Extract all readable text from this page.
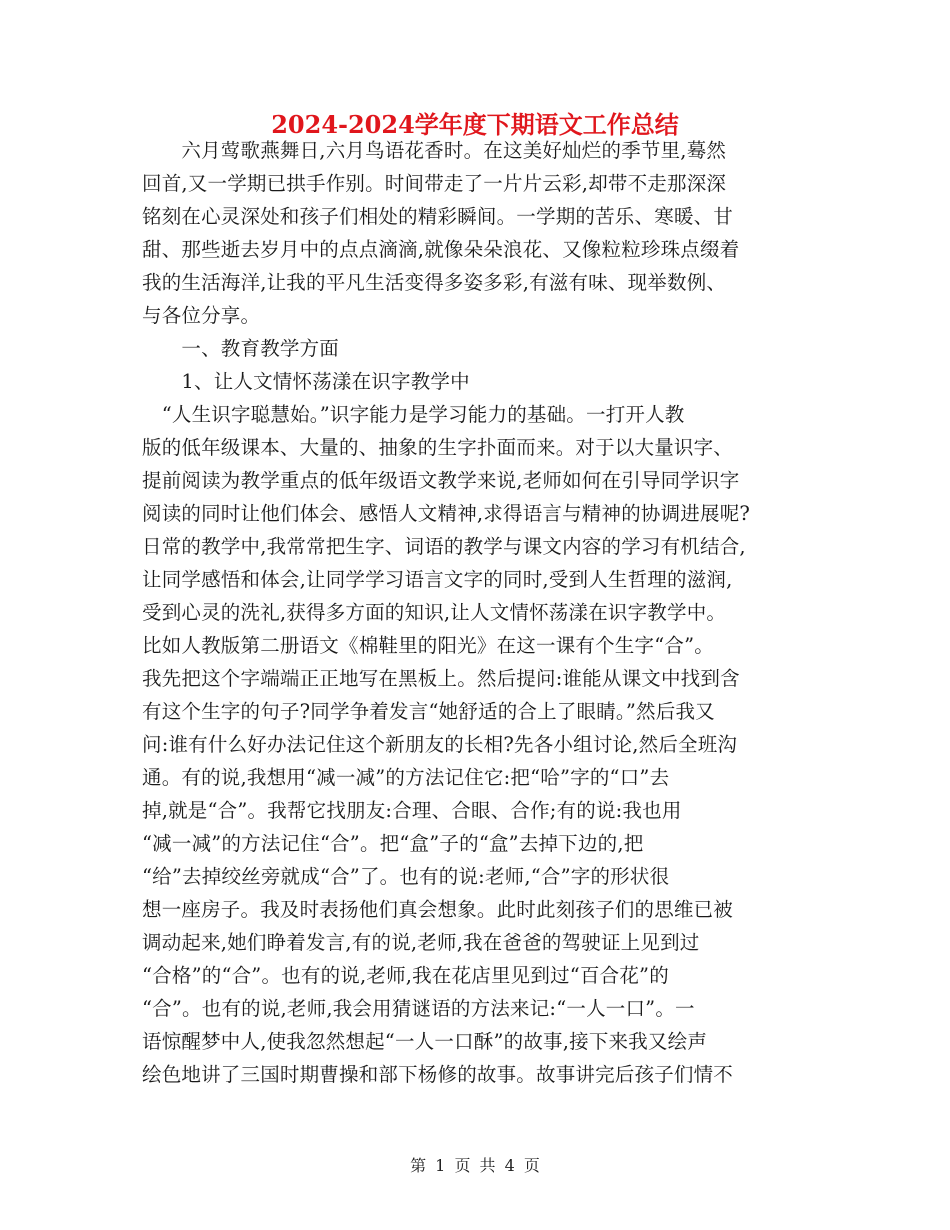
2024-2024学年度下期语文工作总结
　　六月莺歌燕舞日,六月鸟语花香时。在这美好灿烂的季节里,蓦然
回首,又一学期已拱手作别。时间带走了一片片云彩,却带不走那深深
铭刻在心灵深处和孩子们相处的精彩瞬间。一学期的苦乐、寒暖、甘
甜、那些逝去岁月中的点点滴滴,就像朵朵浪花、又像粒粒珍珠点缀着
我的生活海洋,让我的平凡生活变得多姿多彩,有滋有味、现举数例、
与各位分享。
　　一、教育教学方面
　　1、让人文情怀荡漾在识字教学中
　“人生识字聪慧始。”识字能力是学习能力的基础。一打开人教
版的低年级课本、大量的、抽象的生字扑面而来。对于以大量识字、
提前阅读为教学重点的低年级语文教学来说,老师如何在引导同学识字
阅读的同时让他们体会、感悟人文精神,求得语言与精神的协调进展呢?
日常的教学中,我常常把生字、词语的教学与课文内容的学习有机结合,
让同学感悟和体会,让同学学习语言文字的同时,受到人生哲理的滋润,
受到心灵的洗礼,获得多方面的知识,让人文情怀荡漾在识字教学中。
比如人教版第二册语文《棉鞋里的阳光》在这一课有个生字“合”。
我先把这个字端端正正地写在黑板上。然后提问:谁能从课文中找到含
有这个生字的句子?同学争着发言“她舒适的合上了眼睛。”然后我又
问:谁有什么好办法记住这个新朋友的长相?先各小组讨论,然后全班沟
通。有的说,我想用“减一减”的方法记住它:把“哈”字的“口”去
掉,就是“合”。我帮它找朋友:合理、合眼、合作;有的说:我也用
“减一减”的方法记住“合”。把“盒”子的“盒”去掉下边的,把
“给”去掉绞丝旁就成“合”了。也有的说:老师,“合”字的形状很
想一座房子。我及时表扬他们真会想象。此时此刻孩子们的思维已被
调动起来,她们睁着发言,有的说,老师,我在爸爸的驾驶证上见到过
“合格”的“合”。也有的说,老师,我在花店里见到过“百合花”的
“合”。也有的说,老师,我会用猜谜语的方法来记:“一人一口”。一
语惊醒梦中人,使我忽然想起“一人一口酥”的故事,接下来我又绘声
绘色地讲了三国时期曹操和部下杨修的故事。故事讲完后孩子们情不
第 1 页 共 4 页
